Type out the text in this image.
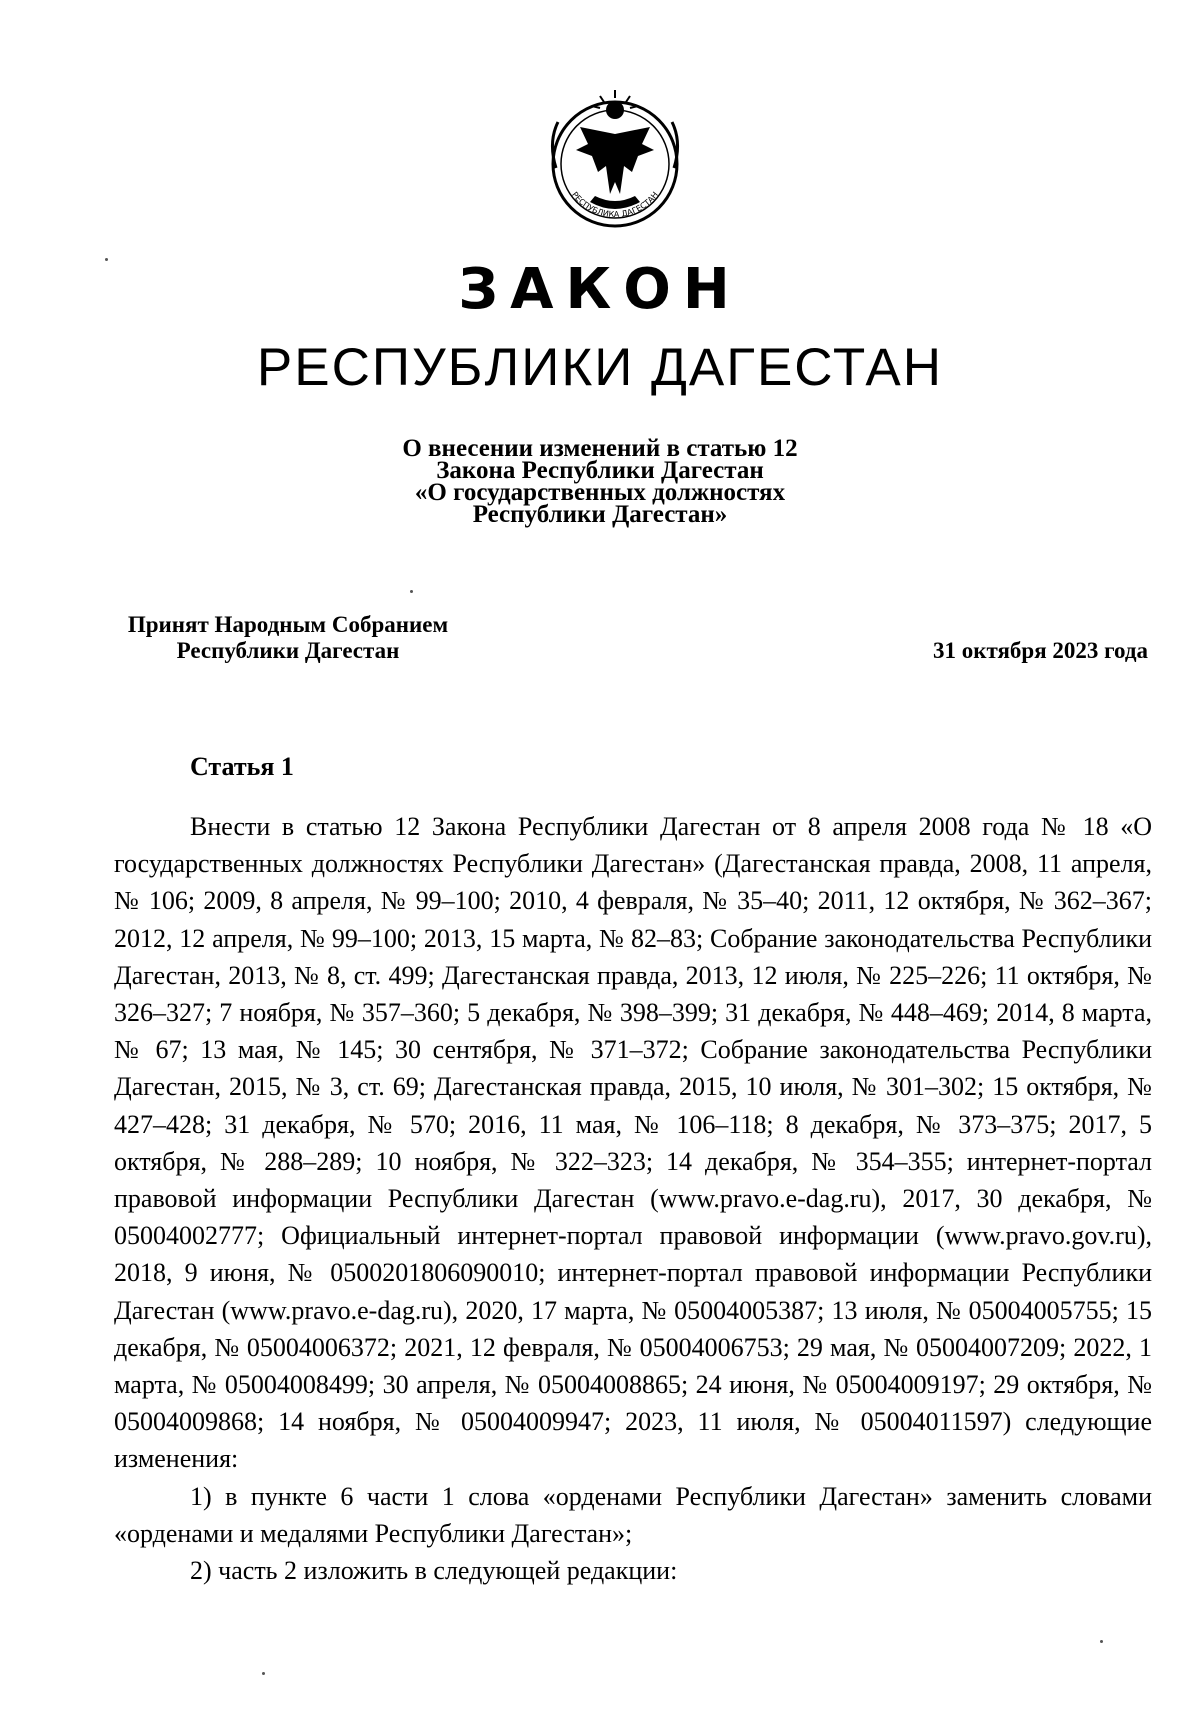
РЕСПУБЛИКА ДАГЕСТАН
ЗАКОН
РЕСПУБЛИКИ ДАГЕСТАН
О внесении изменений в статью 12
Закона Республики Дагестан
«О государственных должностях
Республики Дагестан»
Принят Народным Собранием
Республики Дагестан	31 октября 2023 года
Статья 1

Внести в статью 12 Закона Республики Дагестан от 8 апреля 2008 года № 18 «О государственных должностях Республики Дагестан» (Дагестанская правда, 2008, 11 апреля, № 106; 2009, 8 апреля, № 99–100; 2010, 4 февраля, № 35–40; 2011, 12 октября, № 362–367; 2012, 12 апреля, № 99–100; 2013, 15 марта, № 82–83; Собрание законодательства Республики Дагестан, 2013, № 8, ст. 499; Дагестанская правда, 2013, 12 июля, № 225–226; 11 октября, № 326–327; 7 ноября, № 357–360; 5 декабря, № 398–399; 31 декабря, № 448–469; 2014, 8 марта, № 67; 13 мая, № 145; 30 сентября, № 371–372; Собрание законодательства Республики Дагестан, 2015, № 3, ст. 69; Дагестанская правда, 2015, 10 июля, № 301–302; 15 октября, № 427–428; 31 декабря, № 570; 2016, 11 мая, № 106–118; 8 декабря, № 373–375; 2017, 5 октября, № 288–289; 10 ноября, № 322–323; 14 декабря, № 354–355; интернет-портал правовой информации Республики Дагестан (www.pravo.e-dag.ru), 2017, 30 декабря, № 05004002777; Официальный интернет-портал правовой информации (www.pravo.gov.ru), 2018, 9 июня, № 0500201806090010; интернет-портал правовой информации Республики Дагестан (www.pravo.e-dag.ru), 2020, 17 марта, № 05004005387; 13 июля, № 05004005755; 15 декабря, № 05004006372; 2021, 12 февраля, № 05004006753; 29 мая, № 05004007209; 2022, 1 марта, № 05004008499; 30 апреля, № 05004008865; 24 июня, № 05004009197; 29 октября, № 05004009868; 14 ноября, № 05004009947; 2023, 11 июля, № 05004011597) следующие изменения:

1) в пункте 6 части 1 слова «орденами Республики Дагестан» заменить словами «орденами и медалями Республики Дагестан»;

2) часть 2 изложить в следующей редакции:
